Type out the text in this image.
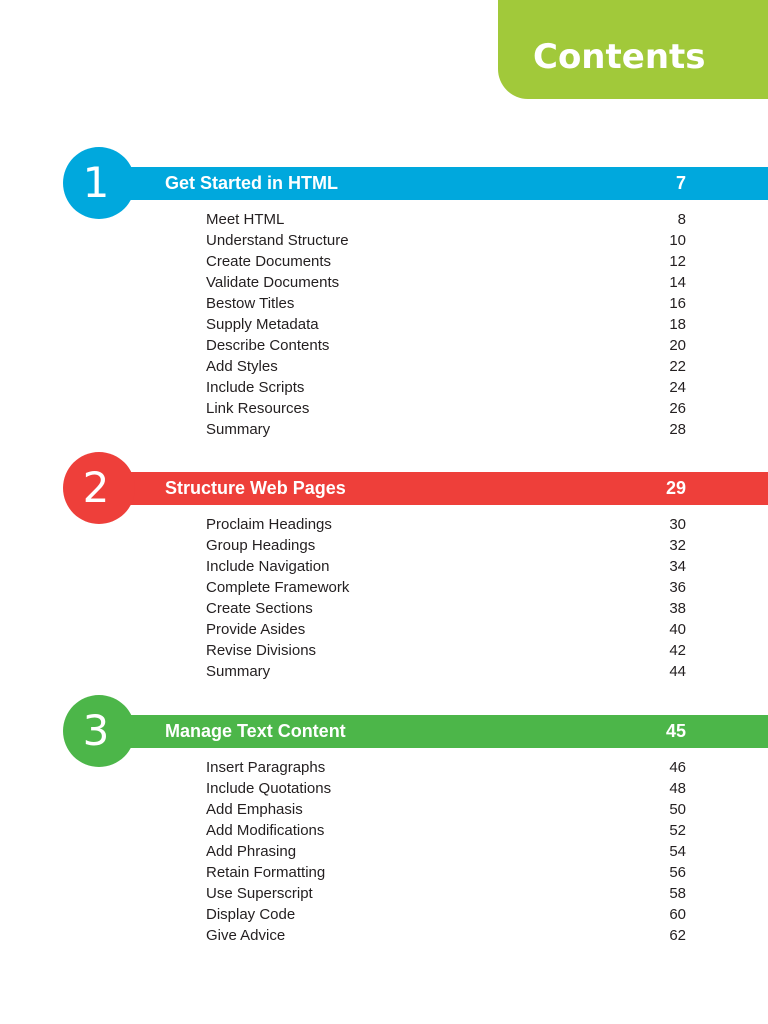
Contents
1	Get Started in HTML	7
Meet HTML	8
Understand Structure	10
Create Documents	12
Validate Documents	14
Bestow Titles	16
Supply Metadata	18
Describe Contents	20
Add Styles	22
Include Scripts	24
Link Resources	26
Summary	28
2	Structure Web Pages	29
Proclaim Headings	30
Group Headings	32
Include Navigation	34
Complete Framework	36
Create Sections	38
Provide Asides	40
Revise Divisions	42
Summary	44
3	Manage Text Content	45
Insert Paragraphs	46
Include Quotations	48
Add Emphasis	50
Add Modifications	52
Add Phrasing	54
Retain Formatting	56
Use Superscript	58
Display Code	60
Give Advice	62
